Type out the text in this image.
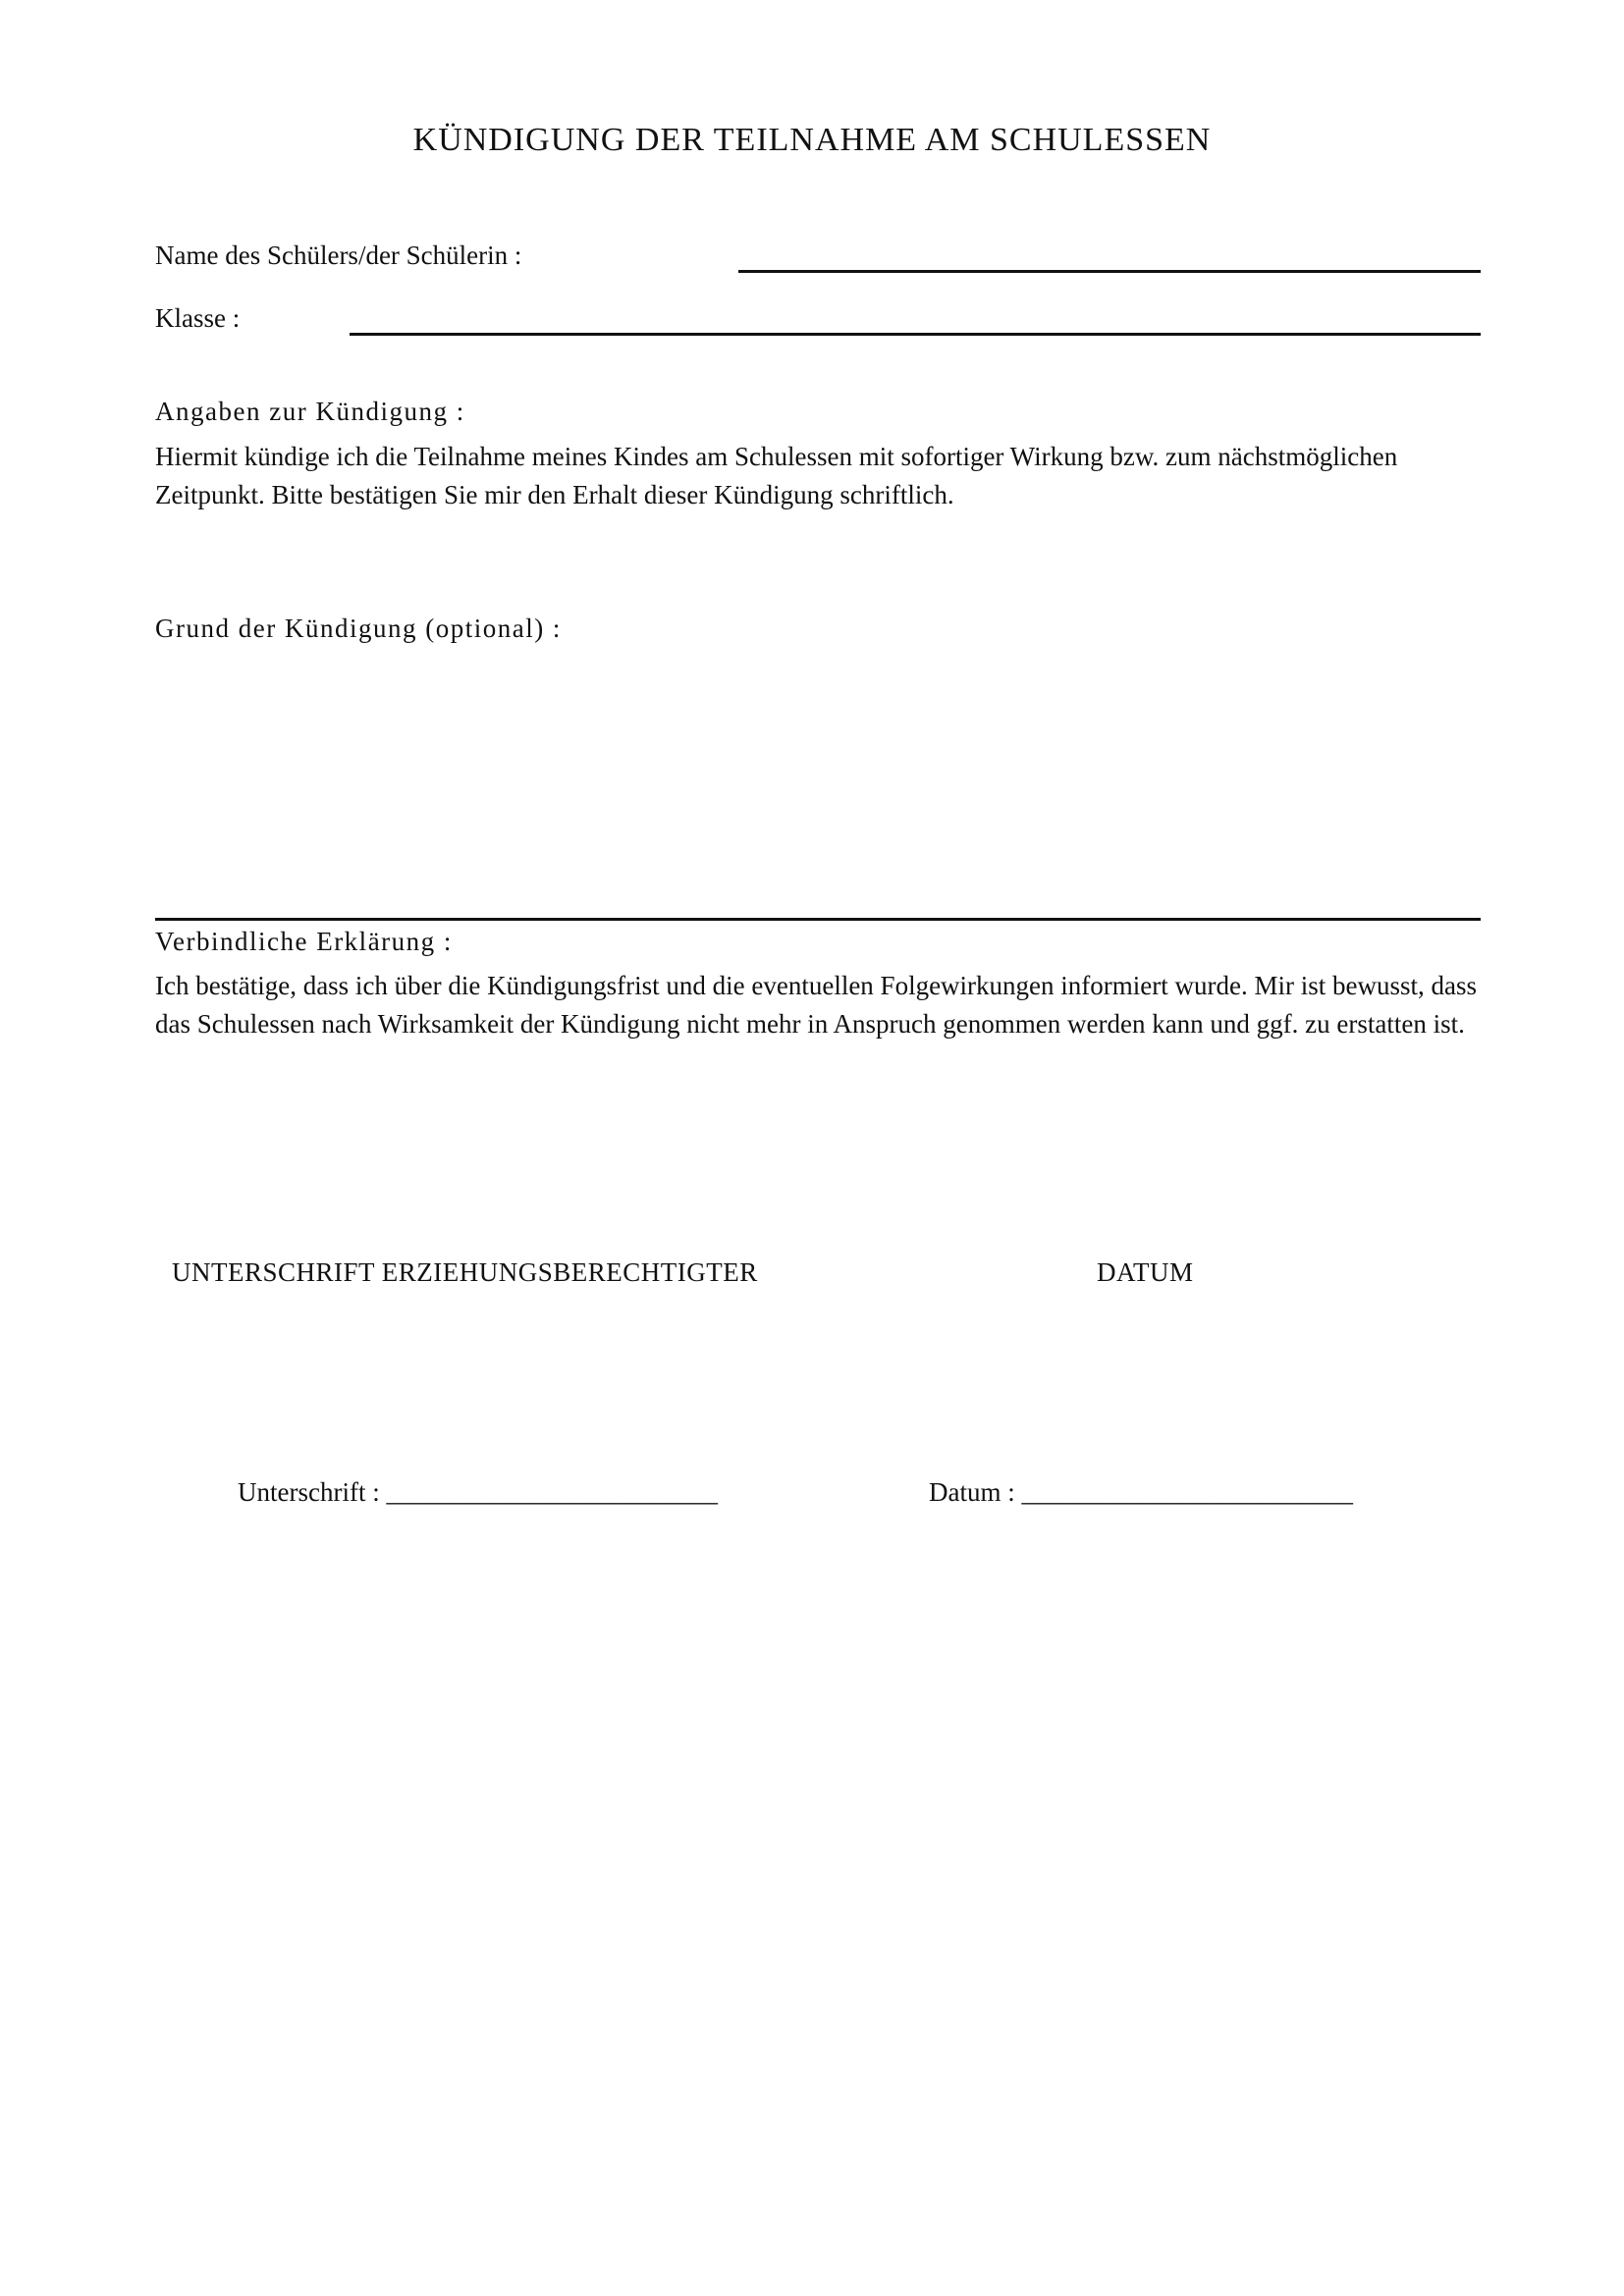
KÜNDIGUNG DER TEILNAHME AM SCHULESSEN
Name des Schülers/der Schülerin :
Klasse :
Angaben zur Kündigung :
Hiermit kündige ich die Teilnahme meines Kindes am Schulessen mit sofortiger Wirkung bzw. zum nächstmöglichen Zeitpunkt. Bitte bestätigen Sie mir den Erhalt dieser Kündigung schriftlich.
Grund der Kündigung (optional) :
Verbindliche Erklärung :
Ich bestätige, dass ich über die Kündigungsfrist und die eventuellen Folgewirkungen informiert wurde. Mir ist bewusst, dass das Schulessen nach Wirksamkeit der Kündigung nicht mehr in Anspruch genommen werden kann und ggf. zu erstatten ist.
UNTERSCHRIFT ERZIEHUNGSBERECHTIGTER	DATUM
Unterschrift : _________________________	Datum : _________________________
